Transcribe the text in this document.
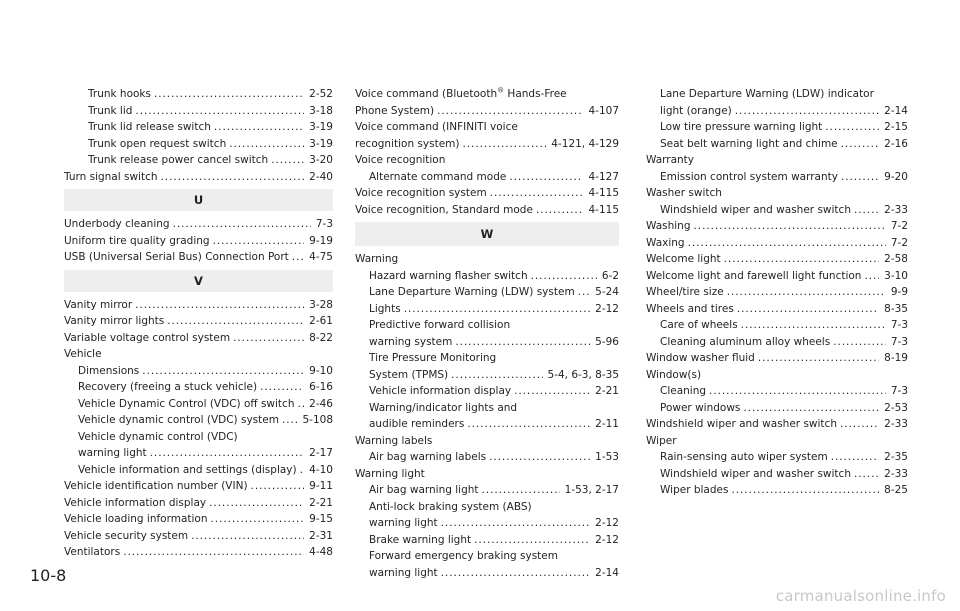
Trunk hooks . . .	2-52
Trunk lid . . .	3-18
Trunk lid release switch . . .	3-19
Trunk open request switch . . .	3-19
Trunk release power cancel switch . . .	3-20
Turn signal switch . . .	2-40
U
Underbody cleaning . . .	7-3
Uniform tire quality grading . . .	9-19
USB (Universal Serial Bus) Connection Port . . . 4-75
V
Vanity mirror . . .	3-28
Vanity mirror lights . . .	2-61
Variable voltage control system . . .	8-22
Vehicle
Dimensions . . .	9-10
Recovery (freeing a stuck vehicle) . . .	6-16
Vehicle Dynamic Control (VDC) off switch . . . 2-46
Vehicle dynamic control (VDC) system . . . 5-108
Vehicle dynamic control (VDC)
warning light . . .	2-17
Vehicle information and settings (display) . . . 4-10
Vehicle identification number (VIN) . . .	9-11
Vehicle information display . . .	2-21
Vehicle loading information . . .	9-15
Vehicle security system . . .	2-31
Ventilators . . .	4-48
Voice command (Bluetooth® Hands-Free
Phone System) . . .	4-107
Voice command (INFINITI voice
recognition system) . . .	4-121, 4-129
Voice recognition
Alternate command mode . . .	4-127
Voice recognition system . . .	4-115
Voice recognition, Standard mode . . .	4-115
W
Warning
Hazard warning flasher switch . . .	6-2
Lane Departure Warning (LDW) system . . . 5-24
Lights . . .	2-12
Predictive forward collision
warning system . . .	5-96
Tire Pressure Monitoring
System (TPMS) . . .	5-4, 6-3, 8-35
Vehicle information display . . .	2-21
Warning/indicator lights and
audible reminders . . .	2-11
Warning labels
Air bag warning labels . . .	1-53
Warning light
Air bag warning light . . .	1-53, 2-17
Anti-lock braking system (ABS)
warning light . . .	2-12
Brake warning light . . .	2-12
Forward emergency braking system
warning light . . .	2-14
Lane Departure Warning (LDW) indicator
light (orange) . . .	2-14
Low tire pressure warning light . . .	2-15
Seat belt warning light and chime . . .	2-16
Warranty
Emission control system warranty . . .	9-20
Washer switch
Windshield wiper and washer switch . . .	2-33
Washing . . .	7-2
Waxing . . .	7-2
Welcome light . . .	2-58
Welcome light and farewell light function . . . 3-10
Wheel/tire size . . .	9-9
Wheels and tires . . .	8-35
Care of wheels . . .	7-3
Cleaning aluminum alloy wheels . . .	7-3
Window washer fluid . . .	8-19
Window(s)
Cleaning . . .	7-3
Power windows . . .	2-53
Windshield wiper and washer switch . . .	2-33
Wiper
Rain-sensing auto wiper system . . .	2-35
Windshield wiper and washer switch . . .	2-33
Wiper blades . . .	8-25
10-8
carmanualsonline.info
